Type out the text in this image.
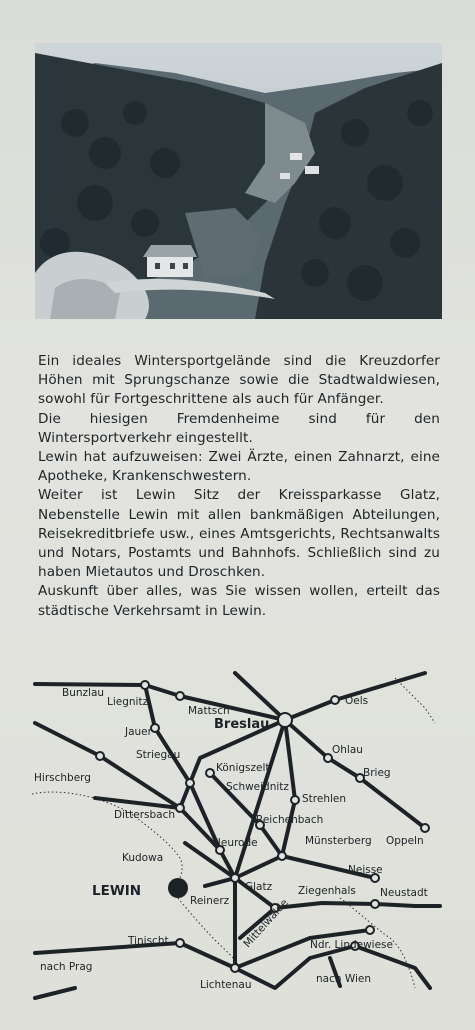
Ein ideales Wintersportgelände sind die Kreuzdorfer Höhen mit Sprungschanze sowie die Stadtwaldwiesen, sowohl für Fortgeschrittene als auch für Anfänger.

Die hiesigen Fremdenheime sind für den Wintersportverkehr eingestellt.

Lewin hat aufzuweisen: Zwei Ärzte, einen Zahnarzt, eine Apotheke, Krankenschwestern.

Weiter ist Lewin Sitz der Kreissparkasse Glatz, Nebenstelle Lewin mit allen bankmäßigen Abteilungen, Reisekreditbriefe usw., eines Amtsgerichts, Rechtsanwalts und Notars, Postamts und Bahnhofs. Schließlich sind zu haben Mietautos und Droschken.

Auskunft über alles, was Sie wissen wollen, erteilt das städtische Verkehrsamt in Lewin.

Bunzlau
Liegnitz
Mattsch
Breslau
Oels
Jauer
Ohlau
Striegau
Brieg
Königszelt
Hirschberg
Schweidnitz
Strehlen
Dittersbach	Reichenbach
Neurode	Münsterberg Oppeln
Kudowa
Neisse
LEWIN	Glatz Ziegenhals Neustadt
Reinerz Mittelwalde
Tinischt	Ndr. Lindewiese
nach Prag
nach Wien
Lichtenau
